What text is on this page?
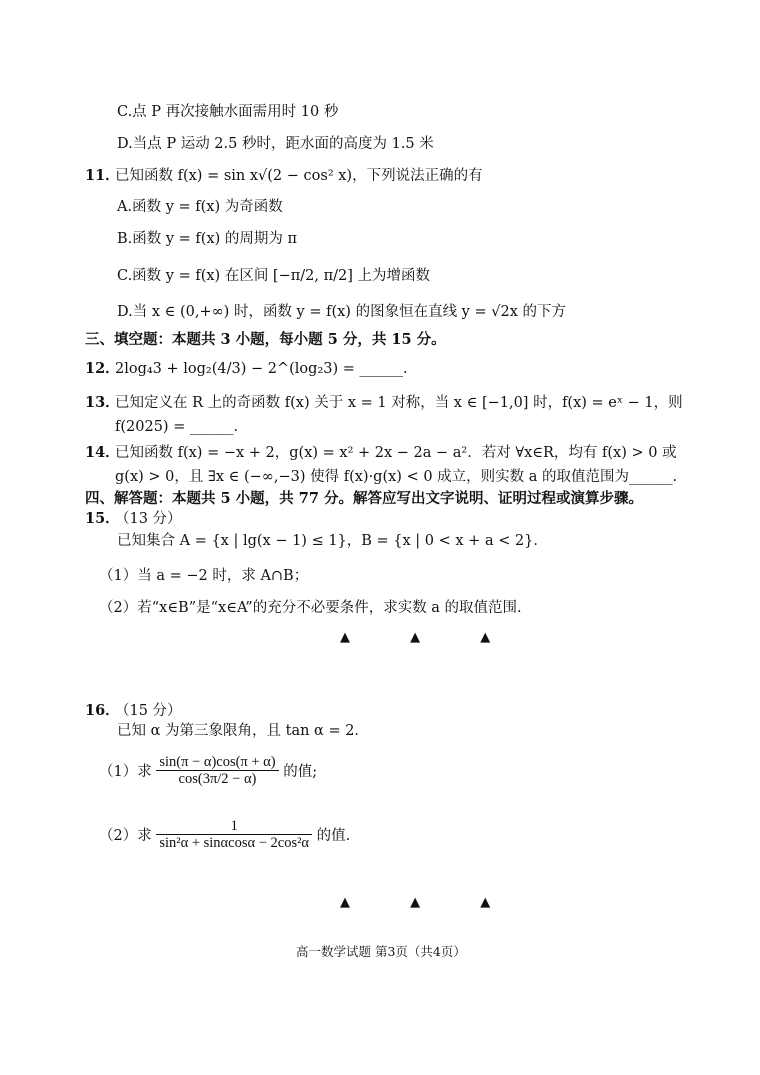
C.点 P 再次接触水面需用时 10 秒
D.当点 P 运动 2.5 秒时，距水面的高度为 1.5 米
11．已知函数 f(x) = sin x√(2 − cos² x)，下列说法正确的有
A.函数 y = f(x) 为奇函数
B.函数 y = f(x) 的周期为 π
C.函数 y = f(x) 在区间 [−π/2, π/2] 上为增函数
D.当 x ∈ (0,+∞) 时，函数 y = f(x) 的图象恒在直线 y = √2x 的下方
三、填空题：本题共 3 小题，每小题 5 分，共 15 分。
12．2log₄3 + log₂(4/3) − 2^(log₂3) = ______.
13．已知定义在 R 上的奇函数 f(x) 关于 x = 1 对称，当 x ∈ [−1,0] 时，f(x) = eˣ − 1，则
f(2025) = ______.
14．已知函数 f(x) = −x + 2，g(x) = x² + 2x − 2a − a²．若对 ∀x∈R，均有 f(x) > 0 或
g(x) > 0，且 ∃x ∈ (−∞,−3) 使得 f(x)·g(x) < 0 成立，则实数 a 的取值范围为______.
四、解答题：本题共 5 小题，共 77 分。解答应写出文字说明、证明过程或演算步骤。
15．（13 分）
已知集合 A = {x | lg(x − 1) ≤ 1}，B = {x | 0 < x + a < 2}．
（1）当 a = −2 时，求 A∩B；
（2）若“x∈B”是“x∈A”的充分不必要条件，求实数 a 的取值范围.
▲ ▲ ▲
16．（15 分）
已知 α 为第三象限角，且 tan α = 2．
（1）求 $\frac{\sin(\pi - \alpha)\cos(\pi + \alpha)}{\cos(3\pi/2 - \alpha)}$ 的值;
（2）求 $\frac{1}{\text{sin²α + sinαcosα − 2cos²α}}$ 的值.
▲ ▲ ▲
高一数学试题 第3页（共4页）
